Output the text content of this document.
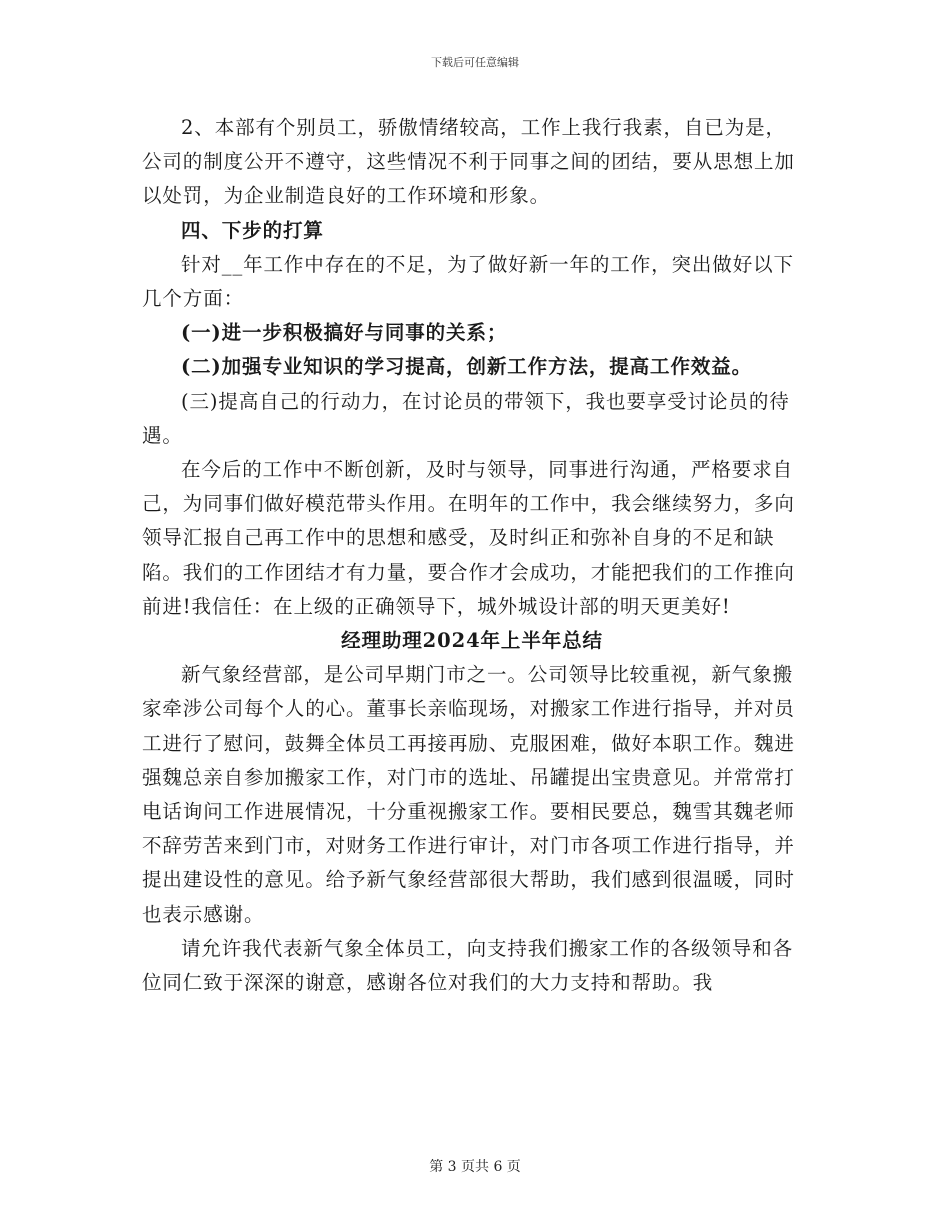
下载后可任意编辑

2、本部有个别员工，骄傲情绪较高，工作上我行我素，自已为是，公司的制度公开不遵守，这些情况不利于同事之间的团结，要从思想上加以处罚，为企业制造良好的工作环境和形象。

四、下步的打算

针对__年工作中存在的不足，为了做好新一年的工作，突出做好以下几个方面：

(一)进一步积极搞好与同事的关系；

(二)加强专业知识的学习提高，创新工作方法，提高工作效益。

(三)提高自己的行动力，在讨论员的带领下，我也要享受讨论员的待遇。

在今后的工作中不断创新，及时与领导，同事进行沟通，严格要求自己，为同事们做好模范带头作用。在明年的工作中，我会继续努力，多向领导汇报自己再工作中的思想和感受，及时纠正和弥补自身的不足和缺陷。我们的工作团结才有力量，要合作才会成功，才能把我们的工作推向前进!我信任：在上级的正确领导下，城外城设计部的明天更美好!

经理助理2024年上半年总结

新气象经营部，是公司早期门市之一。公司领导比较重视，新气象搬家牵涉公司每个人的心。董事长亲临现场，对搬家工作进行指导，并对员工进行了慰问，鼓舞全体员工再接再励、克服困难，做好本职工作。魏进强魏总亲自参加搬家工作，对门市的选址、吊罐提出宝贵意见。并常常打电话询问工作进展情况，十分重视搬家工作。要相民要总，魏雪其魏老师不辞劳苦来到门市，对财务工作进行审计，对门市各项工作进行指导，并提出建设性的意见。给予新气象经营部很大帮助，我们感到很温暖，同时也表示感谢。

请允许我代表新气象全体员工，向支持我们搬家工作的各级领导和各位同仁致于深深的谢意，感谢各位对我们的大力支持和帮助。我

第 3 页共 6 页
